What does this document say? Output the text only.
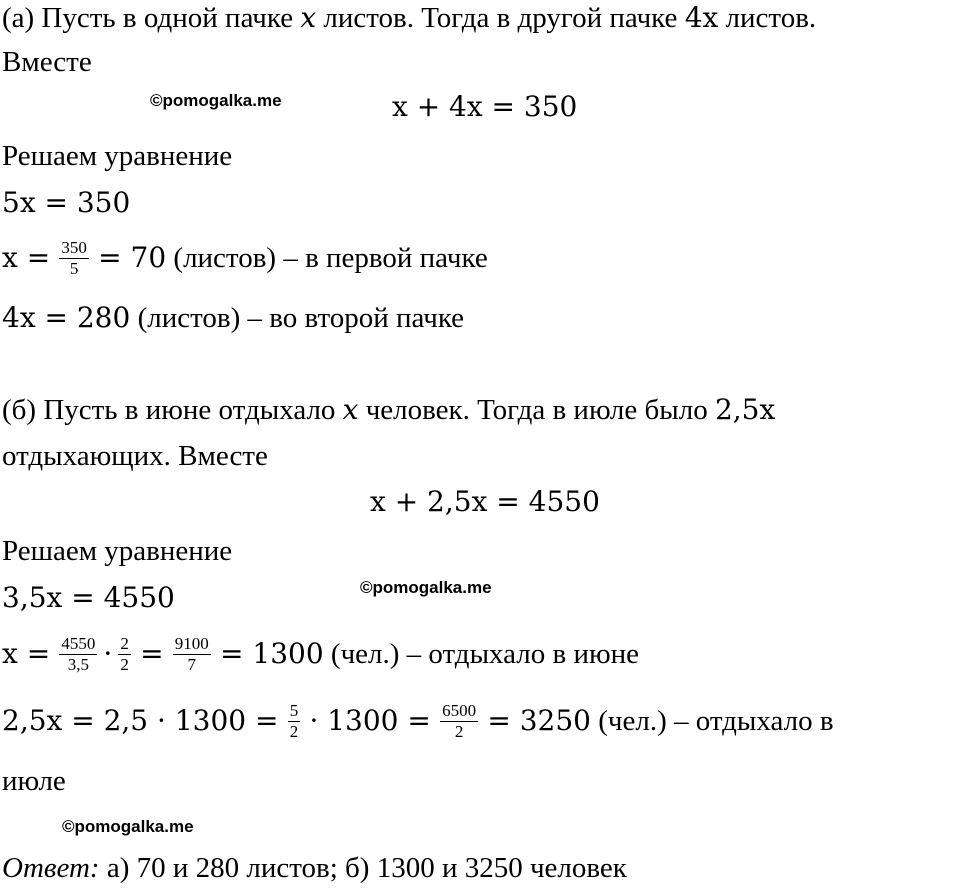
(а) Пусть в одной пачке x листов. Тогда в другой пачке 4x листов.
Вместе
©pomogalka.me	x + 4x = 350
Решаем уравнение
5x = 350
$x = \frac{350}{5} = 70$ (листов) – в первой пачке
4x = 280 (листов) – во второй пачке
(б) Пусть в июне отдыхало x человек. Тогда в июле было 2,5x
отдыхающих. Вместе
x + 2,5x = 4550
Решаем уравнение
3,5x = 4550	©pomogalka.me
$x = \frac{4550}{3,5} \cdot \frac{2}{2} = \frac{9100}{7} = 1300$ (чел.) – отдыхало в июне
$2,5x = 2,5 \cdot 1300 = \frac{5}{2} \cdot 1300 = \frac{6500}{2} = 3250$ (чел.) – отдыхало в
июле
©pomogalka.me
Ответ: а) 70 и 280 листов; б) 1300 и 3250 человек
